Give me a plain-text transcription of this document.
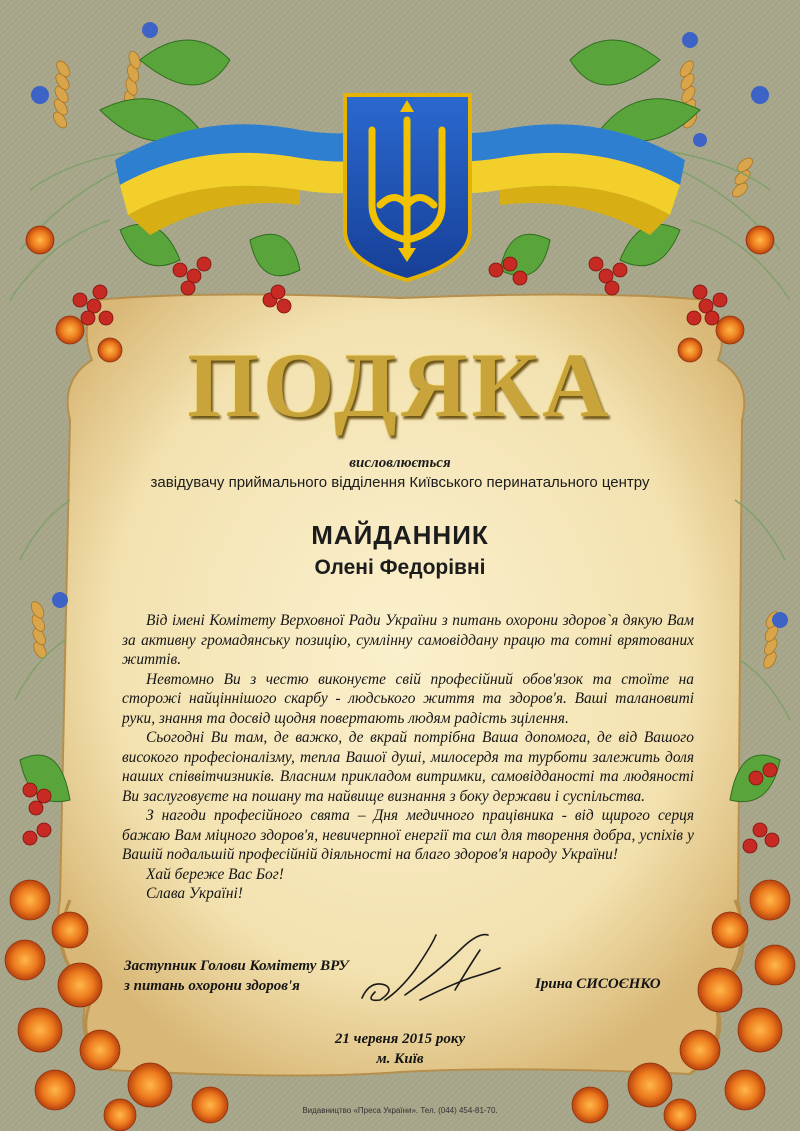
ПОДЯКА
висловлюється
завідувачу приймального відділення Київського перинатального центру
МАЙДАННИК
Олені Федорівні

Від імені Комітету Верховної Ради України з питань охорони здоров`я дякую Вам за активну громадянську позицію, сумлінну самовіддану працю та сотні врятованих життів.

Невтомно Ви з честю виконуєте свій професійний обов'язок та стоїте на сторожі найціннішого скарбу - людського життя та здоров'я. Ваші талановиті руки, знання та досвід щодня повертають людям радість зцілення.

Сьогодні Ви там, де важко, де вкрай потрібна Ваша допомога, де від Вашого високого професіоналізму, тепла Вашої душі, милосердя та турботи залежить доля наших співвітчизників. Власним прикладом витримки, самовідданості та людяності Ви заслуговуєте на пошану та найвище визнання з боку держави і суспільства.

З нагоди професійного свята – Дня медичного працівника - від щирого серця бажаю Вам міцного здоров'я, невичерпної енергії та сил для творення добра, успіхів у Вашій подальшій професійній діяльності на благо здоров'я народу України!

Хай береже Вас Бог!

Слава Україні!

Заступник Голови Комітету ВРУ
з питань охорони здоров'я	Ірина СИСОЄНКО
21 червня 2015 року
м. Київ
Видавництво «Преса України». Тел. (044) 454-81-70.
